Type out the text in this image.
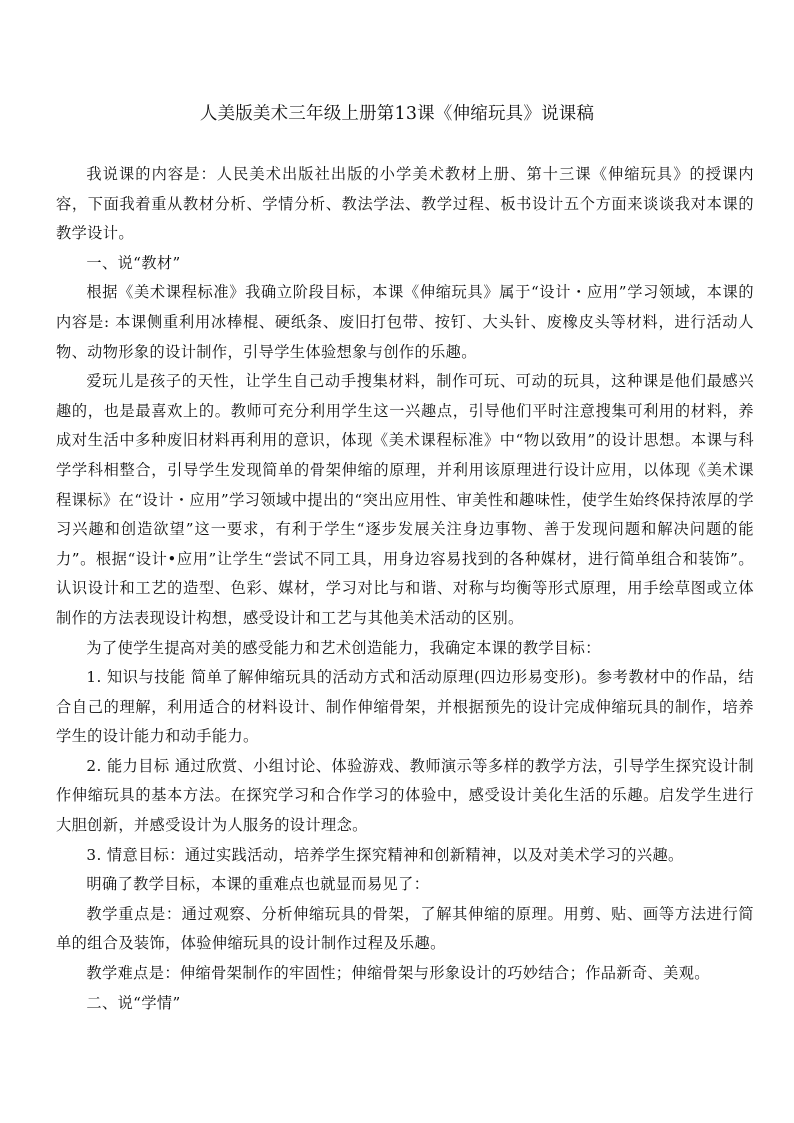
人美版美术三年级上册第13课《伸缩玩具》说课稿

我说课的内容是：人民美术出版社出版的小学美术教材上册、第十三课《伸缩玩具》的授课内容，下面我着重从教材分析、学情分析、教法学法、教学过程、板书设计五个方面来谈谈我对本课的教学设计。

一、说“教材”

根据《美术课程标准》我确立阶段目标，本课《伸缩玩具》属于“设计・应用”学习领域，本课的内容是: 本课侧重利用冰棒棍、硬纸条、废旧打包带、按钉、大头针、废橡皮头等材料，进行活动人物、动物形象的设计制作，引导学生体验想象与创作的乐趣。

爱玩儿是孩子的天性，让学生自己动手搜集材料，制作可玩、可动的玩具，这种课是他们最感兴趣的，也是最喜欢上的。教师可充分利用学生这一兴趣点，引导他们平时注意搜集可利用的材料，养成对生活中多种废旧材料再利用的意识，体现《美术课程标准》中“物以致用”的设计思想。本课与科学学科相整合，引导学生发现简单的骨架伸缩的原理，并利用该原理进行设计应用，以体现《美术课程课标》在“设计・应用”学习领域中提出的“突出应用性、审美性和趣味性，使学生始终保持浓厚的学习兴趣和创造欲望”这一要求，有利于学生“逐步发展关注身边事物、善于发现问题和解决问题的能力”。根据“设计•应用”让学生“尝试不同工具，用身边容易找到的各种媒材，进行简单组合和装饰”。认识设计和工艺的造型、色彩、媒材，学习对比与和谐、对称与均衡等形式原理，用手绘草图或立体制作的方法表现设计构想，感受设计和工艺与其他美术活动的区别。

为了使学生提高对美的感受能力和艺术创造能力，我确定本课的教学目标：

1. 知识与技能 简单了解伸缩玩具的活动方式和活动原理(四边形易变形)。参考教材中的作品，结合自己的理解，利用适合的材料设计、制作伸缩骨架，并根据预先的设计完成伸缩玩具的制作，培养学生的设计能力和动手能力。

2. 能力目标 通过欣赏、小组讨论、体验游戏、教师演示等多样的教学方法，引导学生探究设计制作伸缩玩具的基本方法。在探究学习和合作学习的体验中，感受设计美化生活的乐趣。启发学生进行大胆创新，并感受设计为人服务的设计理念。

3. 情意目标：通过实践活动，培养学生探究精神和创新精神，以及对美术学习的兴趣。

明确了教学目标，本课的重难点也就显而易见了：

教学重点是：通过观察、分析伸缩玩具的骨架，了解其伸缩的原理。用剪、贴、画等方法进行简单的组合及装饰，体验伸缩玩具的设计制作过程及乐趣。

教学难点是：伸缩骨架制作的牢固性；伸缩骨架与形象设计的巧妙结合；作品新奇、美观。

二、说“学情”
